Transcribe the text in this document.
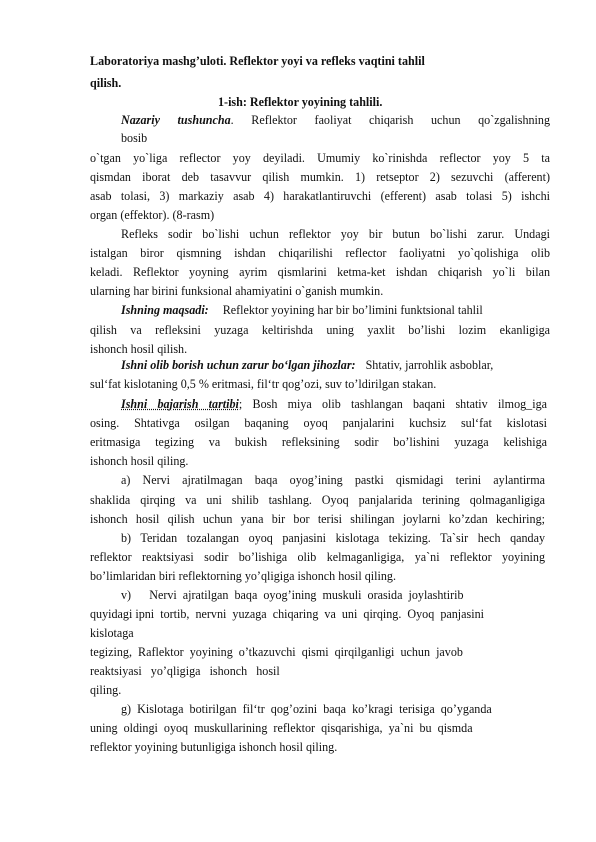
Laboratoriya mashg’uloti. Reflektor yoyi va refleks vaqtini tahlil
qilish.
1-ish: Reflektor yoyining tahlili.
Nazariy tushuncha. Reflektor faoliyat chiqarish uchun qo`zgalishning
bosib
o`tgan yo`liga reflector yoy deyiladi. Umumiy ko`rinishda reflector yoy 5 ta
qismdan iborat deb tasavvur qilish mumkin. 1) retseptor 2) sezuvchi (afferent)
asab tolasi, 3) markaziy asab 4) harakatlantiruvchi (efferent) asab tolasi 5) ishchi
organ (effektor). (8-rasm)
Refleks sodir bo`lishi uchun reflektor yoy bir butun bo`lishi zarur. Undagi
istalgan biror qismning ishdan chiqarilishi reflector faoliyatni yo`qolishiga olib
keladi. Reflektor yoyning ayrim qismlarini ketma-ket ishdan chiqarish yo`li bilan
ularning har birini funksional ahamiyatini o`ganish mumkin.
Ishning maqsadi: Reflektor yoyining har bir bo’limini funktsional tahlil
qilish va refleksini yuzaga keltirishda uning yaxlit bo’lishi lozim ekanligiga
ishonch hosil qilish.
Ishni olib borish uchun zarur bo‘lgan jihozlar: Shtativ, jarrohlik asboblar,
sul‘fat kislotaning 0,5 % eritmasi, fil‘tr qog’ozi, suv to’ldirilgan stakan.
Ishni bajarish tartibi; Bosh miya olib tashlangan baqani shtativ ilmog_iga
osing. Shtativga osilgan baqaning oyoq panjalarini kuchsiz sul‘fat kislotasi
eritmasiga tegizing va bukish refleksining sodir bo’lishini yuzaga kelishiga
ishonch hosil qiling.
a) Nervi ajratilmagan baqa oyog’ining pastki qismidagi terini aylantirma
shaklida qirqing va uni shilib tashlang. Oyoq panjalarida terining qolmaganligiga
ishonch hosil qilish uchun yana bir bor terisi shilingan joylarni ko’zdan kechiring;
b) Teridan tozalangan oyoq panjasini kislotaga tekizing. Ta`sir hech qanday
reflektor reaktsiyasi sodir bo’lishiga olib kelmaganligiga, ya`ni reflektor yoyining
bo’limlaridan biri reflektorning yo’qligiga ishonch hosil qiling.
v)      Nervi  ajratilgan  baqa  oyog’ining  muskuli  orasida  joylashtirib
quyidagi ipni  tortib,  nervni  yuzaga  chiqaring  va  uni  qirqing.  Oyoq  panjasini
kislotaga
tegizing,  Raflektor  yoyining  o’tkazuvchi  qismi  qirqilganligi  uchun  javob
reaktsiyasi   yo’qligiga   ishonch   hosil
qiling.
g)  Kislotaga  botirilgan  fil‘tr  qog’ozini  baqa  ko’kragi  terisiga  qo’yganda
uning  oldingi  oyoq  muskullarining  reflektor  qisqarishiga,  ya`ni  bu  qismda
reflektor yoyining butunligiga ishonch hosil qiling.
